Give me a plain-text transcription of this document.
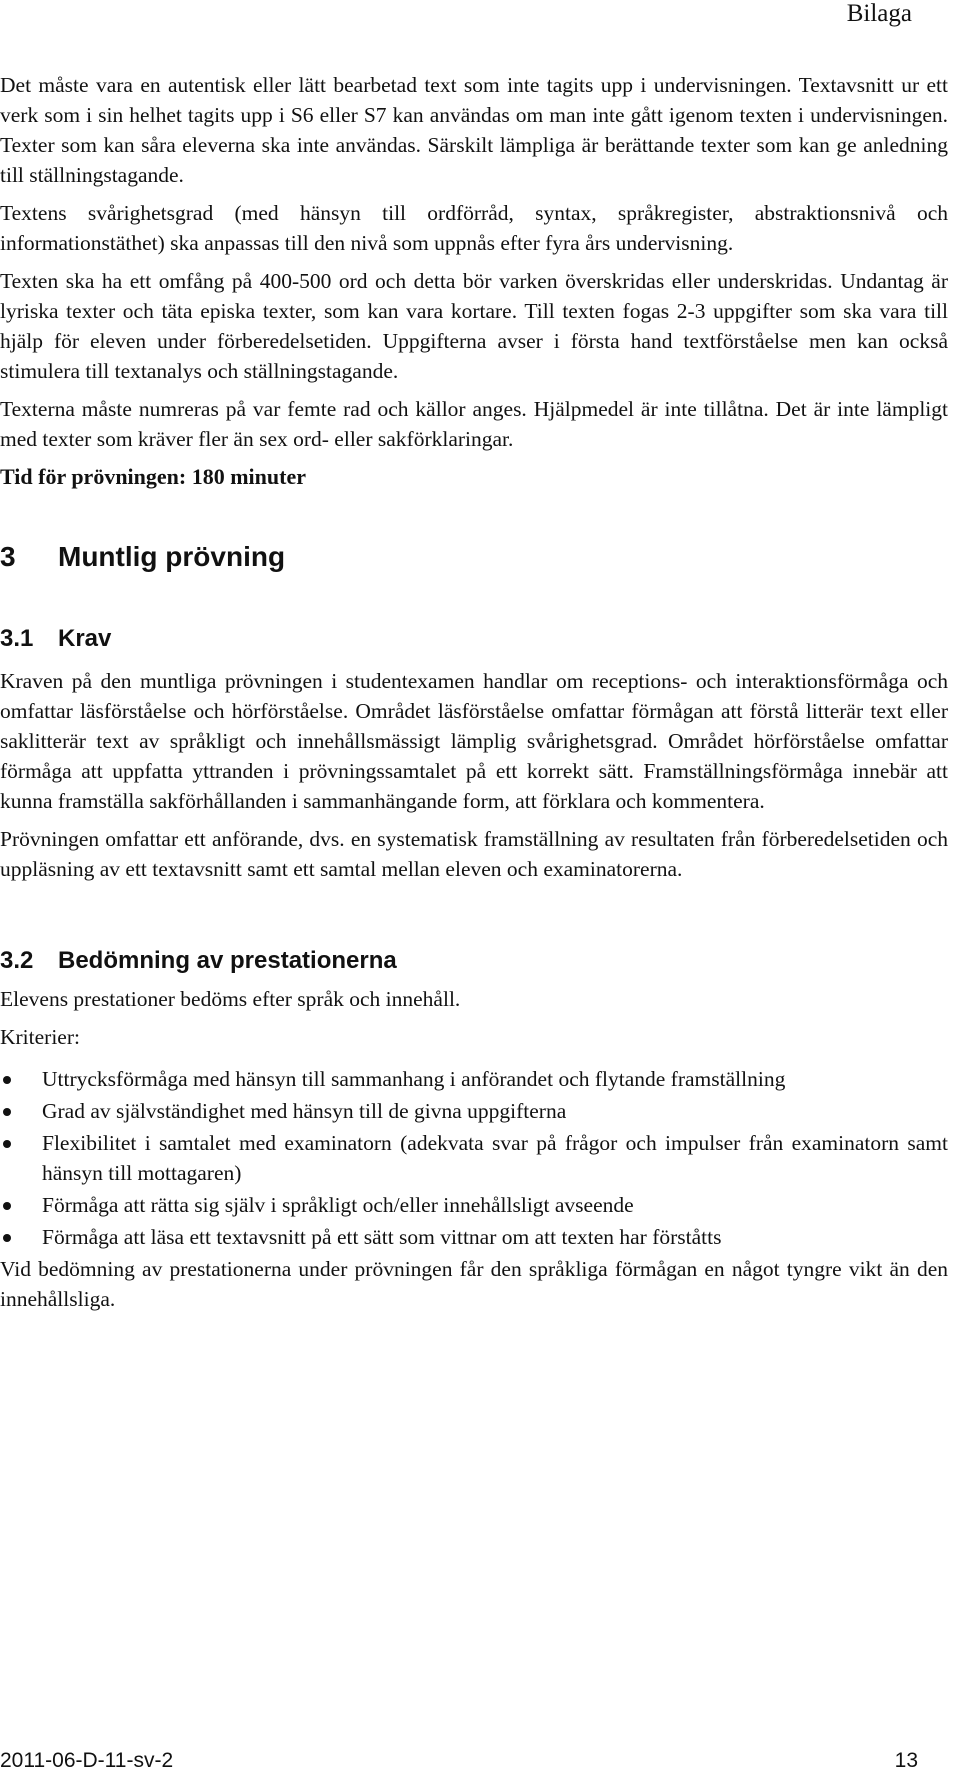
Bilaga

Det måste vara en autentisk eller lätt bearbetad text som inte tagits upp i undervisningen. Textavsnitt ur ett verk som i sin helhet tagits upp i S6 eller S7 kan användas om man inte gått igenom texten i undervisningen. Texter som kan såra eleverna ska inte användas. Särskilt lämpliga är berättande texter som kan ge anledning till ställningstagande.

Textens svårighetsgrad (med hänsyn till ordförråd, syntax, språkregister, abstraktionsnivå och informationstäthet) ska anpassas till den nivå som uppnås efter fyra års undervisning.

Texten ska ha ett omfång på 400-500 ord och detta bör varken överskridas eller underskridas. Undantag är lyriska texter och täta episka texter, som kan vara kortare. Till texten fogas 2-3 uppgifter som ska vara till hjälp för eleven under förberedelsetiden. Uppgifterna avser i första hand textförståelse men kan också stimulera till textanalys och ställningstagande.

Texterna måste numreras på var femte rad och källor anges. Hjälpmedel är inte tillåtna. Det är inte lämpligt med texter som kräver fler än sex ord- eller sakförklaringar.

Tid för prövningen: 180 minuter

3 Muntlig prövning
3.1 Krav

Kraven på den muntliga prövningen i studentexamen handlar om receptions- och interaktionsförmåga och omfattar läsförståelse och hörförståelse. Området läsförståelse omfattar förmågan att förstå litterär text eller saklitterär text av språkligt och innehållsmässigt lämplig svårighetsgrad. Området hörförståelse omfattar förmåga att uppfatta yttranden i prövningssamtalet på ett korrekt sätt. Framställningsförmåga innebär att kunna framställa sakförhållanden i sammanhängande form, att förklara och kommentera.

Prövningen omfattar ett anförande, dvs. en systematisk framställning av resultaten från förberedelsetiden och uppläsning av ett textavsnitt samt ett samtal mellan eleven och examinatorerna.

3.2 Bedömning av prestationerna

Elevens prestationer bedöms efter språk och innehåll.

Kriterier:

Uttrycksförmåga med hänsyn till sammanhang i anförandet och flytande framställning
Grad av självständighet med hänsyn till de givna uppgifterna
Flexibilitet i samtalet med examinatorn (adekvata svar på frågor och impulser från examinatorn samt hänsyn till mottagaren)
Förmåga att rätta sig själv i språkligt och/eller innehållsligt avseende
Förmåga att läsa ett textavsnitt på ett sätt som vittnar om att texten har förståtts

Vid bedömning av prestationerna under prövningen får den språkliga förmågan en något tyngre vikt än den innehållsliga.

2011-06-D-11-sv-2	13
